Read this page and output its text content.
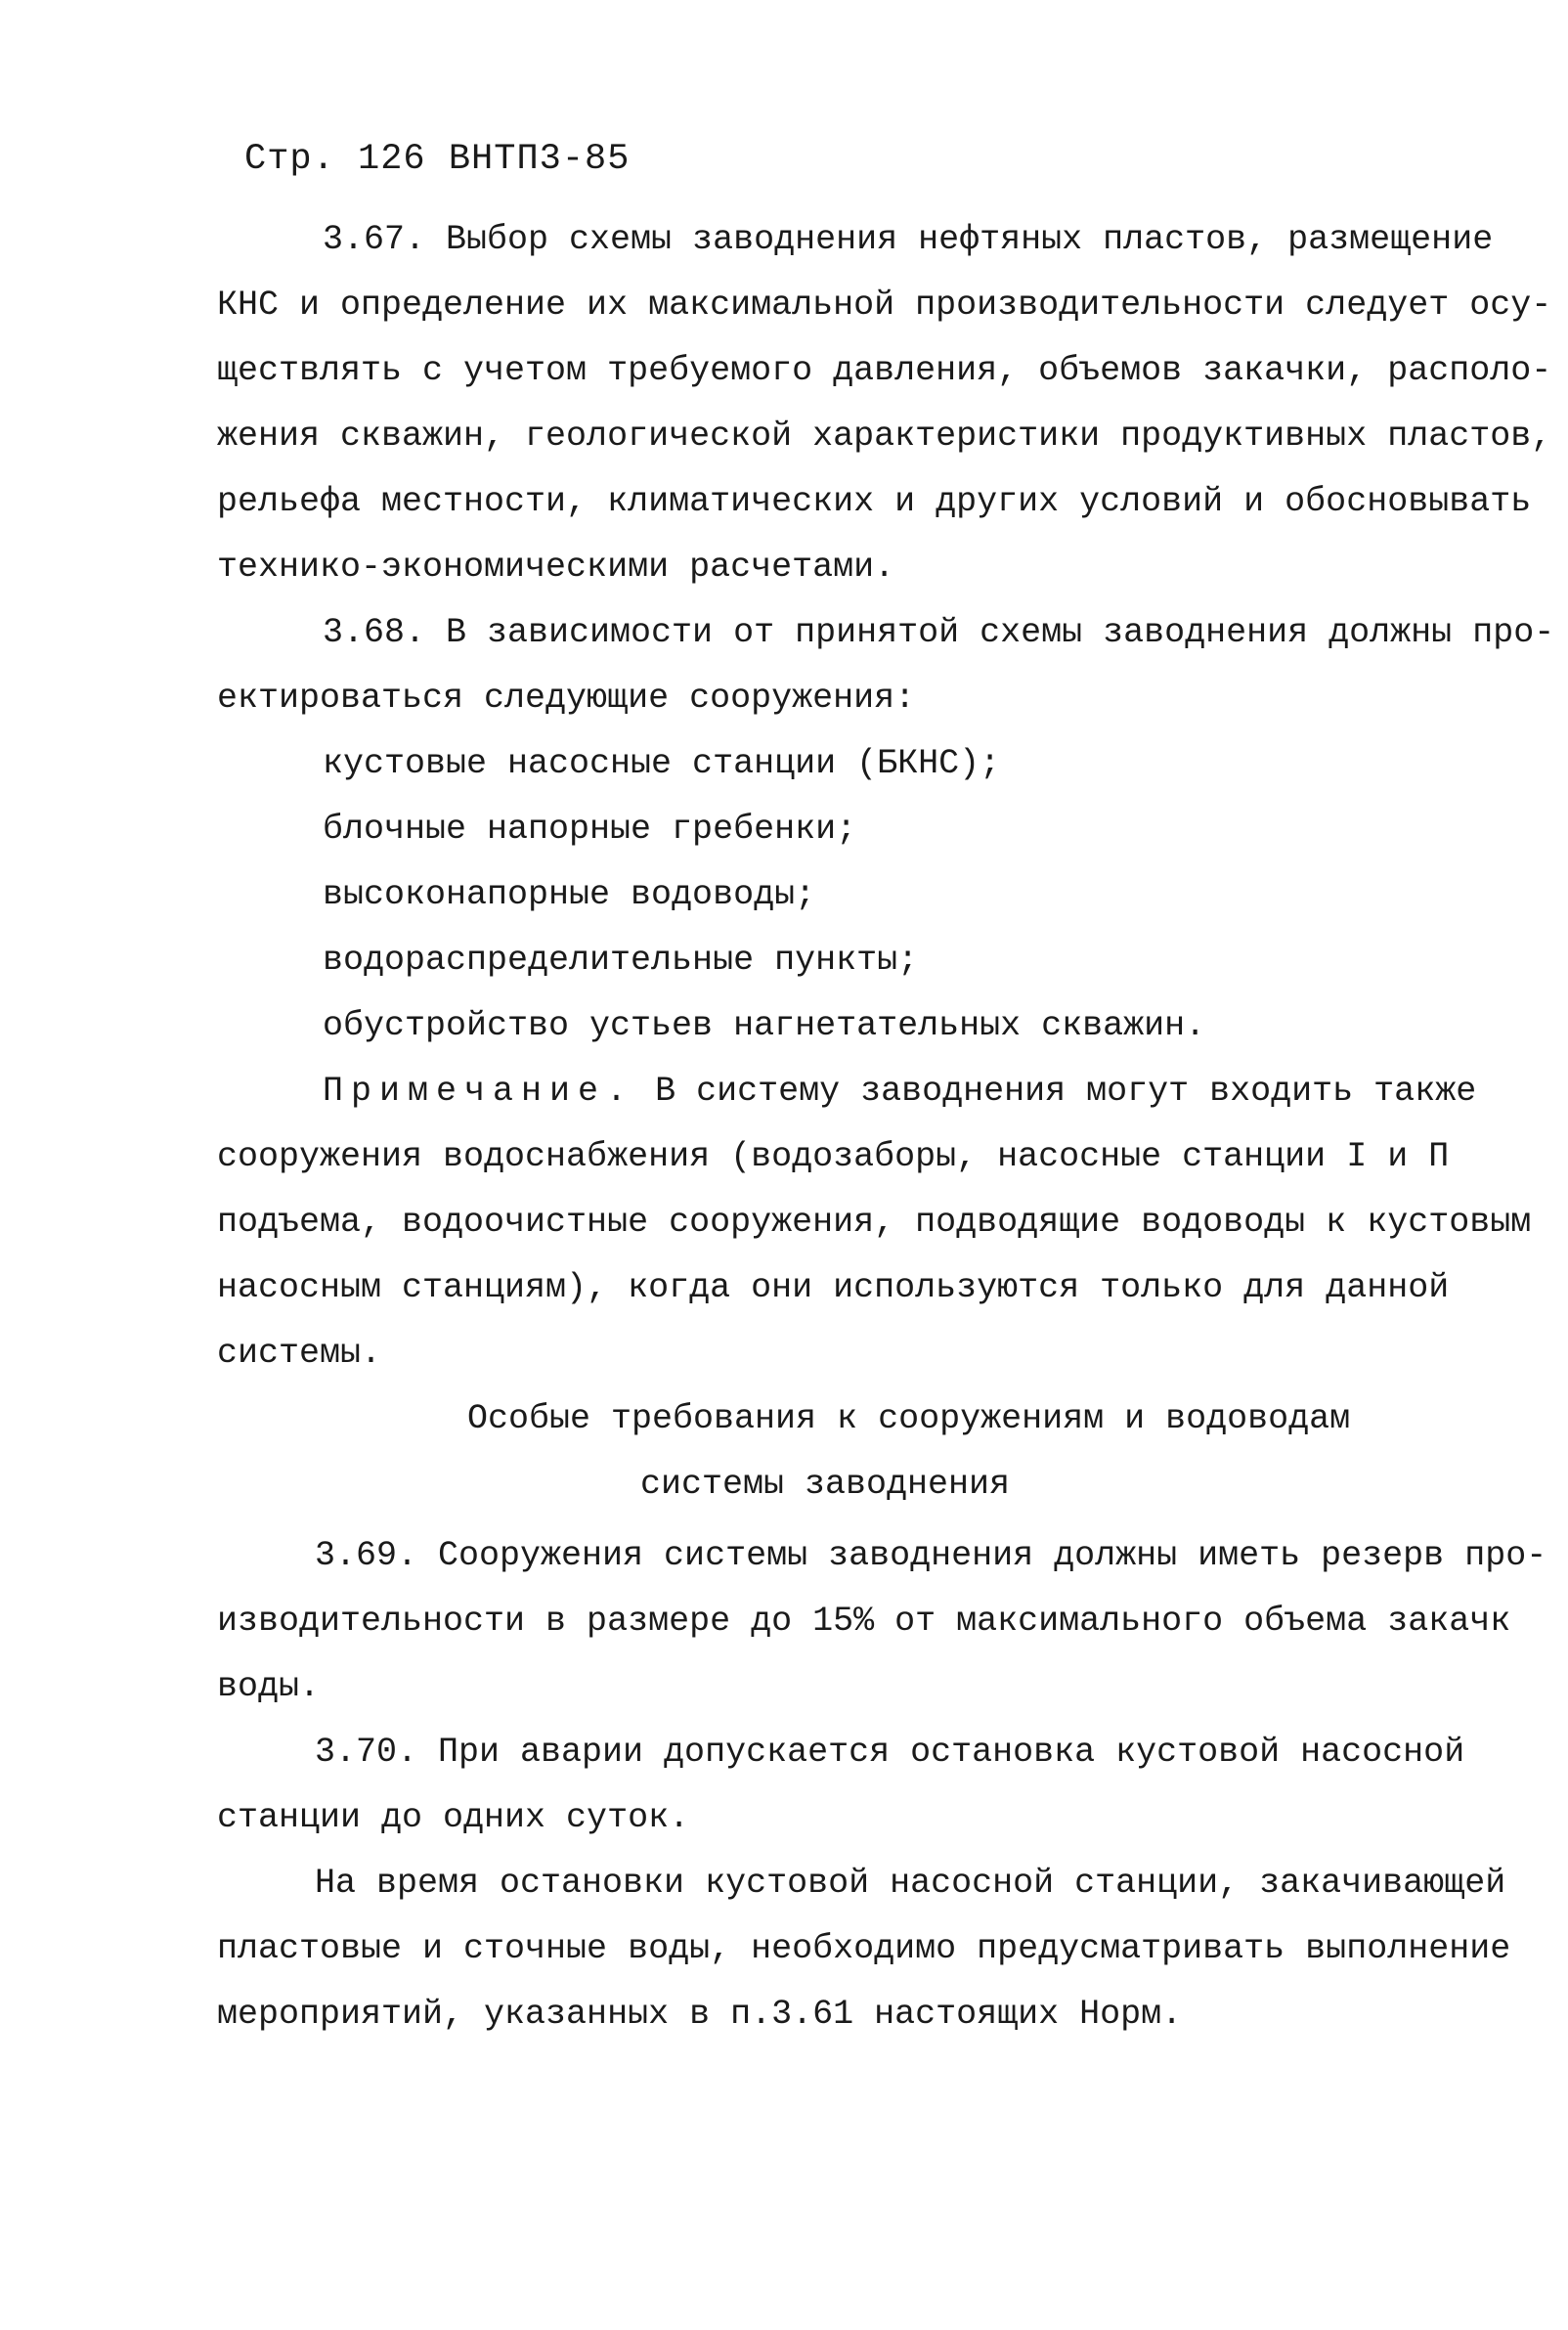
Стр. 126 ВНТП3-85
3.67. Выбор схемы заводнения нефтяных пластов, размещение
КНС и определение их максимальной производительности следует осу-
ществлять с учетом требуемого давления, объемов закачки, располо-
жения скважин, геологической характеристики продуктивных пластов,
рельефа местности, климатических и других условий и обосновывать
технико-экономическими расчетами.
3.68. В зависимости от принятой схемы заводнения должны про-
ектироваться следующие сооружения:
кустовые насосные станции (БКНС);
блочные напорные гребенки;
высоконапорные водоводы;
водораспределительные пункты;
обустройство устьев нагнетательных скважин.
Примечание. В систему заводнения могут входить также
сооружения водоснабжения (водозаборы, насосные станции I и П
подъема, водоочистные сооружения, подводящие водоводы к кустовым
насосным станциям), когда они используются только для данной
системы.
Особые требования к сооружениям и водоводам
системы заводнения
3.69. Сооружения системы заводнения должны иметь резерв про-
изводительности в размере до 15% от максимального объема закачк
воды.
3.70. При аварии допускается остановка кустовой насосной
станции до одних суток.
На время остановки кустовой насосной станции, закачивающей
пластовые и сточные воды, необходимо предусматривать выполнение
мероприятий, указанных в п.3.61 настоящих Норм.
